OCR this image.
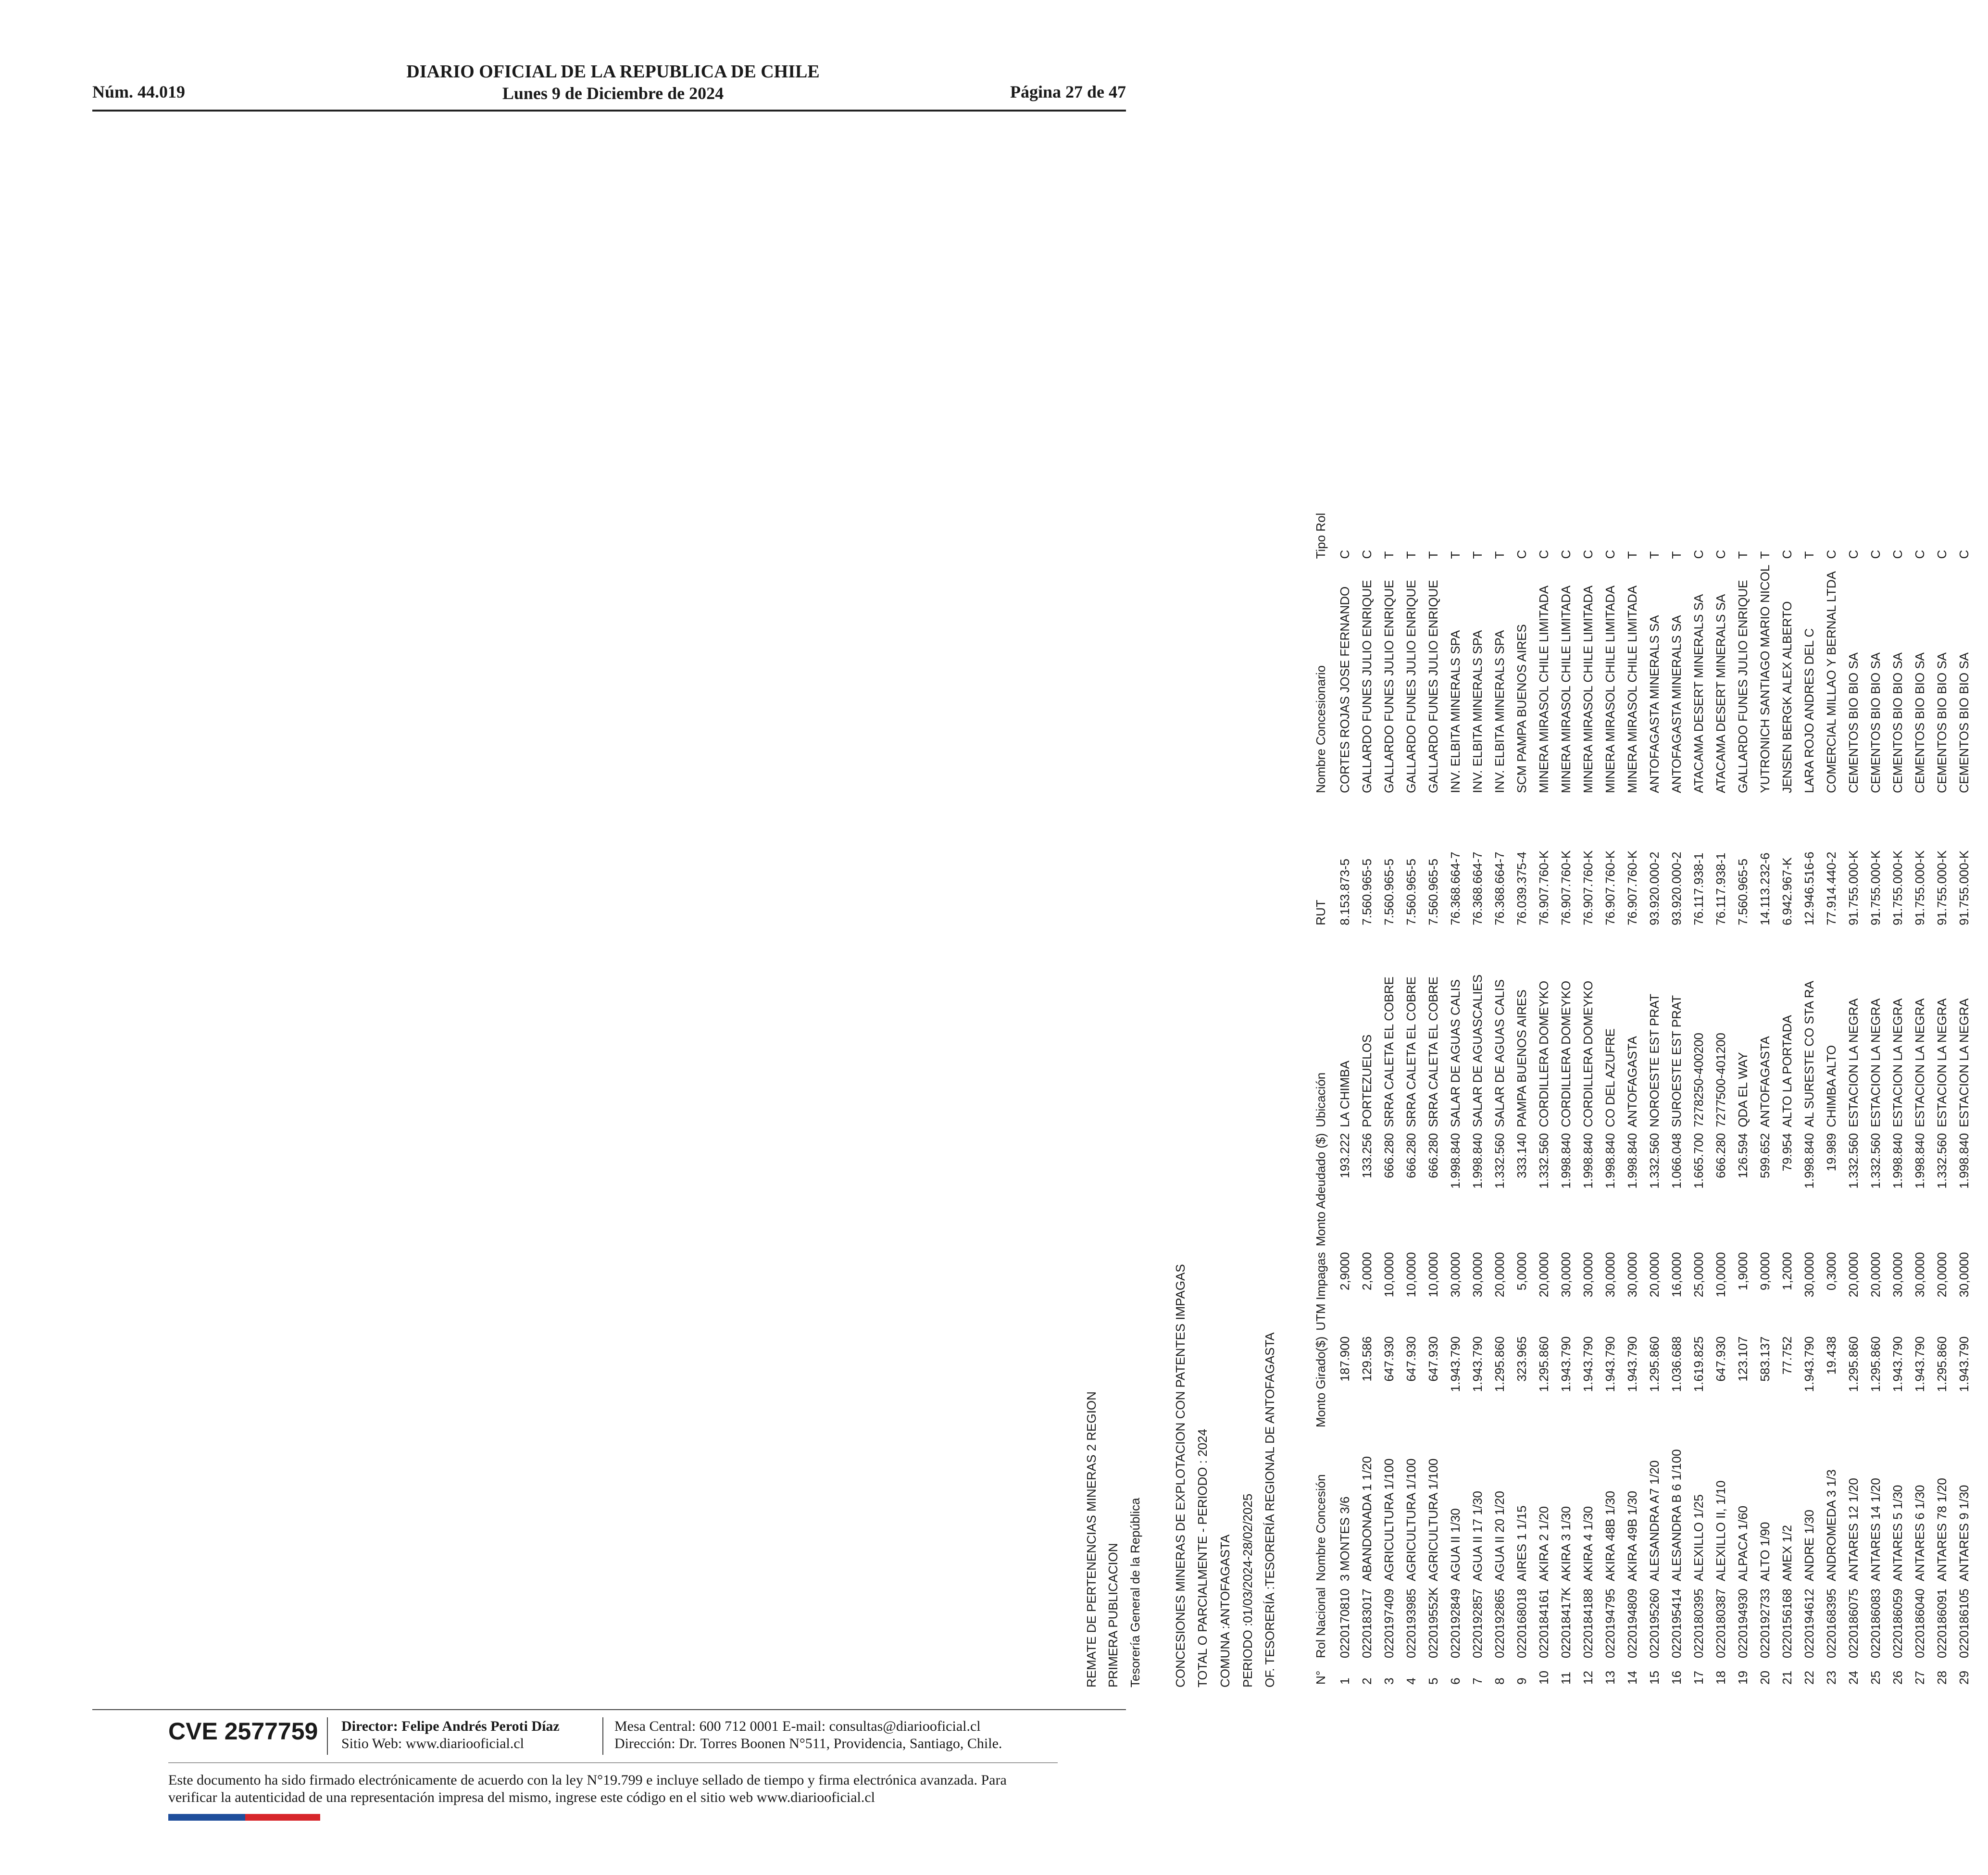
Núm. 44.019
DIARIO OFICIAL DE LA REPUBLICA DE CHILE
Lunes 9 de Diciembre de 2024	Página 27 de 47
REMATE DE PERTENENCIAS MINERAS 2 REGION PRIMERA PUBLICACION Tesorería General de la República CONCESIONES MINERAS DE EXPLOTACION CON PATENTES IMPAGAS TOTAL O PARCIALMENTE - PERIODO : 2024 COMUNA :ANTOFAGASTA PERIODO :01/03/2024-28/02/2025 OF. TESORERÍA :TESORERÍA REGIONAL DE ANTOFAGASTA	N°	Rol Nacional	Nombre Concesión	Monto Girado($)	UTM Impagas	Monto Adeudado ($)	Ubicación	RUT	Nombre Concesionario	Tipo Rol
1	0220170810	3 MONTES 3/6	187.900	2,9000	193.222	LA CHIMBA	8.153.873-5	CORTES ROJAS JOSE FERNANDO	C
2	0220183017	ABANDONADA 1 1/20	129.586	2,0000	133.256	PORTEZUELOS	7.560.965-5	GALLARDO FUNES JULIO ENRIQUE	C
3	0220197409	AGRICULTURA 1/100	647.930	10,0000	666.280	SRRA CALETA EL COBRE	7.560.965-5	GALLARDO FUNES JULIO ENRIQUE	T
4	0220193985	AGRICULTURA 1/100	647.930	10,0000	666.280	SRRA CALETA EL COBRE	7.560.965-5	GALLARDO FUNES JULIO ENRIQUE	T
5	022019552K	AGRICULTURA 1/100	647.930	10,0000	666.280	SRRA CALETA EL COBRE	7.560.965-5	GALLARDO FUNES JULIO ENRIQUE	T
6	0220192849	AGUA II 1/30	1.943.790	30,0000	1.998.840	SALAR DE AGUAS CALIS	76.368.664-7	INV. ELBITA MINERALS SPA	T
7	0220192857	AGUA II 17 1/30	1.943.790	30,0000	1.998.840	SALAR DE AGUASCALIES	76.368.664-7	INV. ELBITA MINERALS SPA	T
8	0220192865	AGUA II 20 1/20	1.295.860	20,0000	1.332.560	SALAR DE AGUAS CALIS	76.368.664-7	INV. ELBITA MINERALS SPA	T
9	0220168018	AIRES 1 1/15	323.965	5,0000	333.140	PAMPA BUENOS AIRES	76.039.375-4	SCM PAMPA BUENOS AIRES	C
10	0220184161	AKIRA 2 1/20	1.295.860	20,0000	1.332.560	CORDILLERA DOMEYKO	76.907.760-K	MINERA MIRASOL CHILE LIMITADA	C
11	022018417K	AKIRA 3 1/30	1.943.790	30,0000	1.998.840	CORDILLERA DOMEYKO	76.907.760-K	MINERA MIRASOL CHILE LIMITADA	C
12	0220184188	AKIRA 4 1/30	1.943.790	30,0000	1.998.840	CORDILLERA DOMEYKO	76.907.760-K	MINERA MIRASOL CHILE LIMITADA	C
13	0220194795	AKIRA 48B 1/30	1.943.790	30,0000	1.998.840	CO DEL AZUFRE	76.907.760-K	MINERA MIRASOL CHILE LIMITADA	C
14	0220194809	AKIRA 49B 1/30	1.943.790	30,0000	1.998.840	ANTOFAGASTA	76.907.760-K	MINERA MIRASOL CHILE LIMITADA	T
15	0220195260	ALESANDRA A7 1/20	1.295.860	20,0000	1.332.560	NOROESTE EST PRAT	93.920.000-2	ANTOFAGASTA MINERALS SA	T
16	0220195414	ALESANDRA B 6 1/100	1.036.688	16,0000	1.066.048	SUROESTE EST PRAT	93.920.000-2	ANTOFAGASTA MINERALS SA	T
17	0220180395	ALEXILLO 1/25	1.619.825	25,0000	1.665.700	7278250-400200	76.117.938-1	ATACAMA DESERT MINERALS SA	C
18	0220180387	ALEXILLO II, 1/10	647.930	10,0000	666.280	7277500-401200	76.117.938-1	ATACAMA DESERT MINERALS SA	C
19	0220194930	ALPACA 1/60	123.107	1,9000	126.594	QDA EL WAY	7.560.965-5	GALLARDO FUNES JULIO ENRIQUE	T
20	0220192733	ALTO 1/90	583.137	9,0000	599.652	ANTOFAGASTA	14.113.232-6	YUTRONICH SANTIAGO MARIO NICOL	T
21	0220156168	AMEX 1/2	77.752	1,2000	79.954	ALTO LA PORTADA	6.942.967-K	JENSEN BERGK ALEX ALBERTO	C
22	0220194612	ANDRE 1/30	1.943.790	30,0000	1.998.840	AL SURESTE CO STA RA	12.946.516-6	LARA ROJO ANDRES DEL C	T
23	0220168395	ANDROMEDA 3 1/3	19.438	0,3000	19.989	CHIMBA ALTO	77.914.440-2	COMERCIAL MILLAO Y BERNAL LTDA	C
24	0220186075	ANTARES 12 1/20	1.295.860	20,0000	1.332.560	ESTACION LA NEGRA	91.755.000-K	CEMENTOS BIO BIO SA	C
25	0220186083	ANTARES 14 1/20	1.295.860	20,0000	1.332.560	ESTACION LA NEGRA	91.755.000-K	CEMENTOS BIO BIO SA	C
26	0220186059	ANTARES 5 1/30	1.943.790	30,0000	1.998.840	ESTACION LA NEGRA	91.755.000-K	CEMENTOS BIO BIO SA	C
27	0220186040	ANTARES 6 1/30	1.943.790	30,0000	1.998.840	ESTACION LA NEGRA	91.755.000-K	CEMENTOS BIO BIO SA	C
28	0220186091	ANTARES 78 1/20	1.295.860	20,0000	1.332.560	ESTACION LA NEGRA	91.755.000-K	CEMENTOS BIO BIO SA	C
29	0220186105	ANTARES 9 1/30	1.943.790	30,0000	1.998.840	ESTACION LA NEGRA	91.755.000-K	CEMENTOS BIO BIO SA	C
CVE 2577759 Director: Felipe Andrés Peroti Díaz
Sitio Web: www.diariooficial.cl
Mesa Central: 600 712 0001 E-mail: consultas@diariooficial.cl
Dirección: Dr. Torres Boonen N°511, Providencia, Santiago, Chile.
Este documento ha sido firmado electrónicamente de acuerdo con la ley N°19.799 e incluye sellado de tiempo y firma electrónica avanzada. Para verificar la autenticidad de una representación impresa del mismo, ingrese este código en el sitio web www.diariooficial.cl
